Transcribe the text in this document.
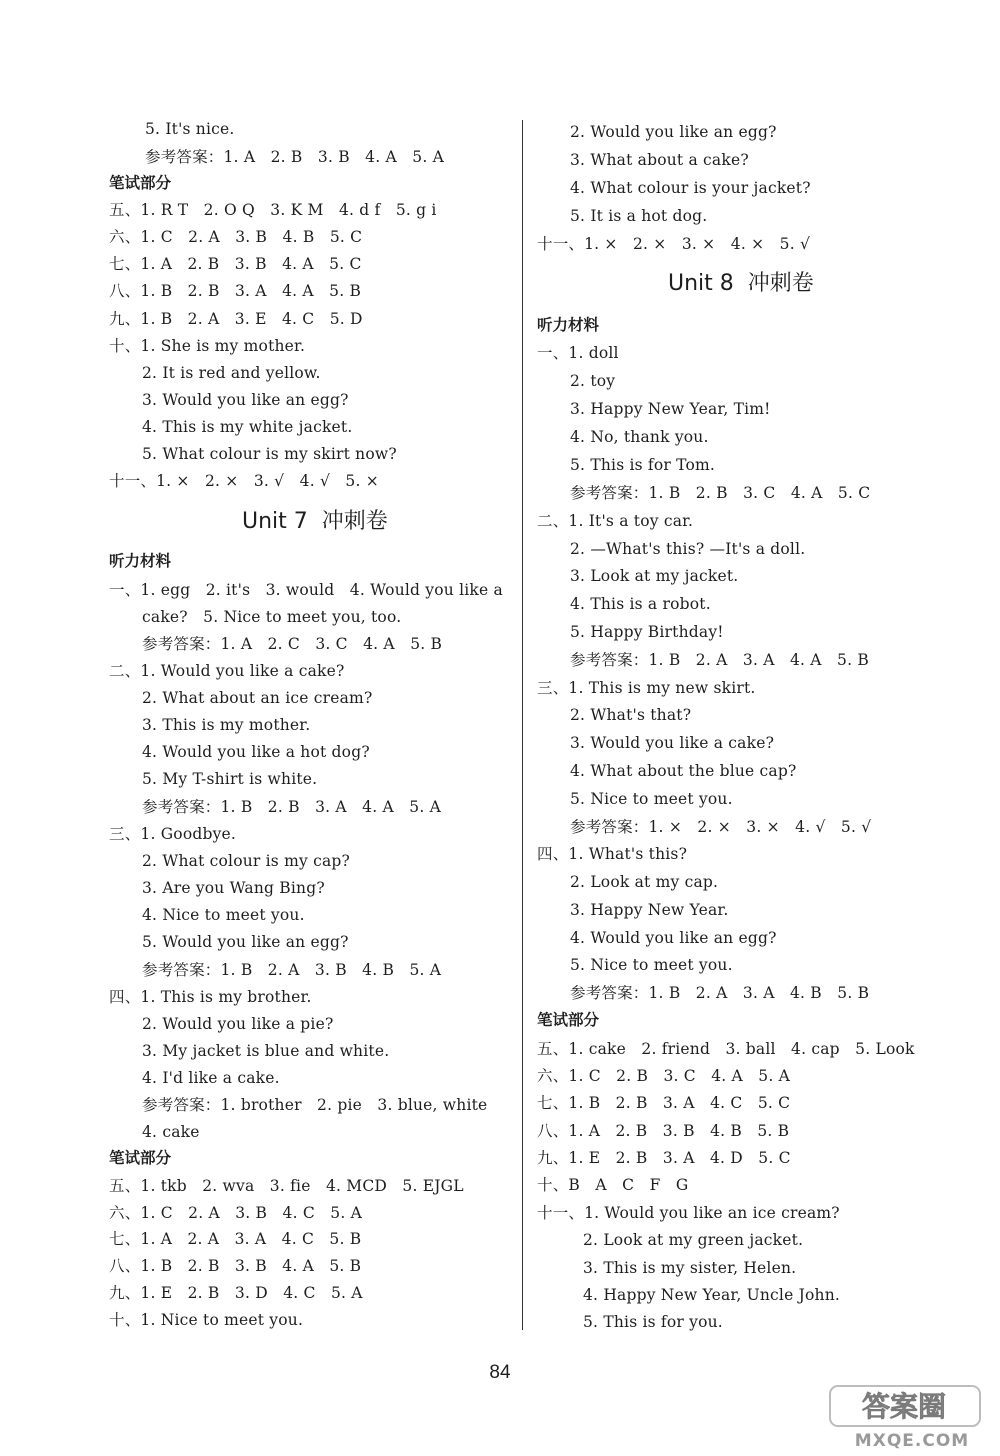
5. It's nice.
参考答案：1. A   2. B   3. B   4. A   5. A
笔试部分
五、1. R T   2. O Q   3. K M   4. d f   5. g i
六、1. C   2. A   3. B   4. B   5. C
七、1. A   2. B   3. B   4. A   5. C
八、1. B   2. B   3. A   4. A   5. B
九、1. B   2. A   3. E   4. C   5. D
十、1. She is my mother.
2. It is red and yellow.
3. Would you like an egg?
4. This is my white jacket.
5. What colour is my skirt now?
十一、1. ×   2. ×   3. √   4. √   5. ×
Unit 7  冲刺卷
听力材料
一、1. egg   2. it's   3. would   4. Would you like a
cake?   5. Nice to meet you, too.
参考答案：1. A   2. C   3. C   4. A   5. B
二、1. Would you like a cake?
2. What about an ice cream?
3. This is my mother.
4. Would you like a hot dog?
5. My T-shirt is white.
参考答案：1. B   2. B   3. A   4. A   5. A
三、1. Goodbye.
2. What colour is my cap?
3. Are you Wang Bing?
4. Nice to meet you.
5. Would you like an egg?
参考答案：1. B   2. A   3. B   4. B   5. A
四、1. This is my brother.
2. Would you like a pie?
3. My jacket is blue and white.
4. I'd like a cake.
参考答案：1. brother   2. pie   3. blue, white
4. cake
笔试部分
五、1. tkb   2. wva   3. fie   4. MCD   5. EJGL
六、1. C   2. A   3. B   4. C   5. A
七、1. A   2. A   3. A   4. C   5. B
八、1. B   2. B   3. B   4. A   5. B
九、1. E   2. B   3. D   4. C   5. A
十、1. Nice to meet you.
2. Would you like an egg?
3. What about a cake?
4. What colour is your jacket?
5. It is a hot dog.
十一、1. ×   2. ×   3. ×   4. ×   5. √
Unit 8  冲刺卷
听力材料
一、1. doll
2. toy
3. Happy New Year, Tim!
4. No, thank you.
5. This is for Tom.
参考答案：1. B   2. B   3. C   4. A   5. C
二、1. It's a toy car.
2. —What's this? —It's a doll.
3. Look at my jacket.
4. This is a robot.
5. Happy Birthday!
参考答案：1. B   2. A   3. A   4. A   5. B
三、1. This is my new skirt.
2. What's that?
3. Would you like a cake?
4. What about the blue cap?
5. Nice to meet you.
参考答案：1. ×   2. ×   3. ×   4. √   5. √
四、1. What's this?
2. Look at my cap.
3. Happy New Year.
4. Would you like an egg?
5. Nice to meet you.
参考答案：1. B   2. A   3. A   4. B   5. B
笔试部分
五、1. cake   2. friend   3. ball   4. cap   5. Look
六、1. C   2. B   3. C   4. A   5. A
七、1. B   2. B   3. A   4. C   5. C
八、1. A   2. B   3. B   4. B   5. B
九、1. E   2. B   3. A   4. D   5. C
十、B   A   C   F   G
十一、1. Would you like an ice cream?
2. Look at my green jacket.
3. This is my sister, Helen.
4. Happy New Year, Uncle John.
5. This is for you.
84
答案圈
MXQE.COM
